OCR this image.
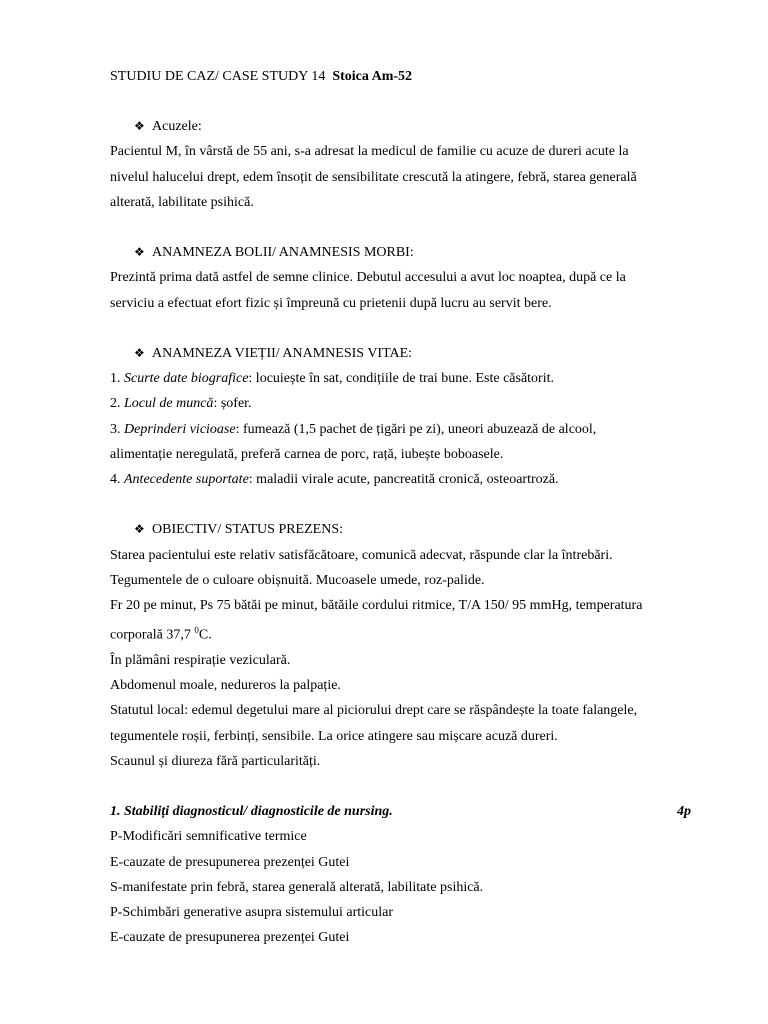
STUDIU DE CAZ/ CASE STUDY 14 Stoica Am-52
❖ Acuzele:
Pacientul M, în vârstă de 55 ani, s-a adresat la medicul de familie cu acuze de dureri acute la
nivelul halucelui drept, edem însoțit de sensibilitate crescută la atingere, febră, starea generală
alterată, labilitate psihică.
❖ ANAMNEZA BOLII/ ANAMNESIS MORBI:
Prezintă prima dată astfel de semne clinice. Debutul accesului a avut loc noaptea, după ce la
serviciu a efectuat efort fizic și împreună cu prietenii după lucru au servit bere.
❖ ANAMNEZA VIEȚII/ ANAMNESIS VITAE:
1. Scurte date biografice: locuiește în sat, condițiile de trai bune. Este căsătorit.
2. Locul de muncă: șofer.
3. Deprinderi vicioase: fumează (1,5 pachet de țigări pe zi), uneori abuzează de alcool,
alimentație neregulată, preferă carnea de porc, rață, iubește boboasele.
4. Antecedente suportate: maladii virale acute, pancreatită cronică, osteoartroză.
❖ OBIECTIV/ STATUS PREZENS:
Starea pacientului este relativ satisfăcătoare, comunică adecvat, răspunde clar la întrebări.
Tegumentele de o culoare obișnuită. Mucoasele umede, roz-palide.
Fr 20 pe minut, Ps 75 bătăi pe minut, bătăile cordului ritmice, T/A 150/ 95 mmHg, temperatura
corporală 37,7 $^0$C.
În plămâni respirație veziculară.
Abdomenul moale, nedureros la palpație.
Statutul local: edemul degetului mare al piciorului drept care se răspândește la toate falangele,
tegumentele roșii, ferbinți, sensibile. La orice atingere sau mișcare acuză dureri.
Scaunul și diureza fără particularități.
1. Stabiliți diagnosticul/ diagnosticile de nursing.	4p
P-Modificări semnificative termice
E-cauzate de presupunerea prezenței Gutei
S-manifestate prin febră, starea generală alterată, labilitate psihică.
P-Schimbări generative asupra sistemului articular
E-cauzate de presupunerea prezenței Gutei
